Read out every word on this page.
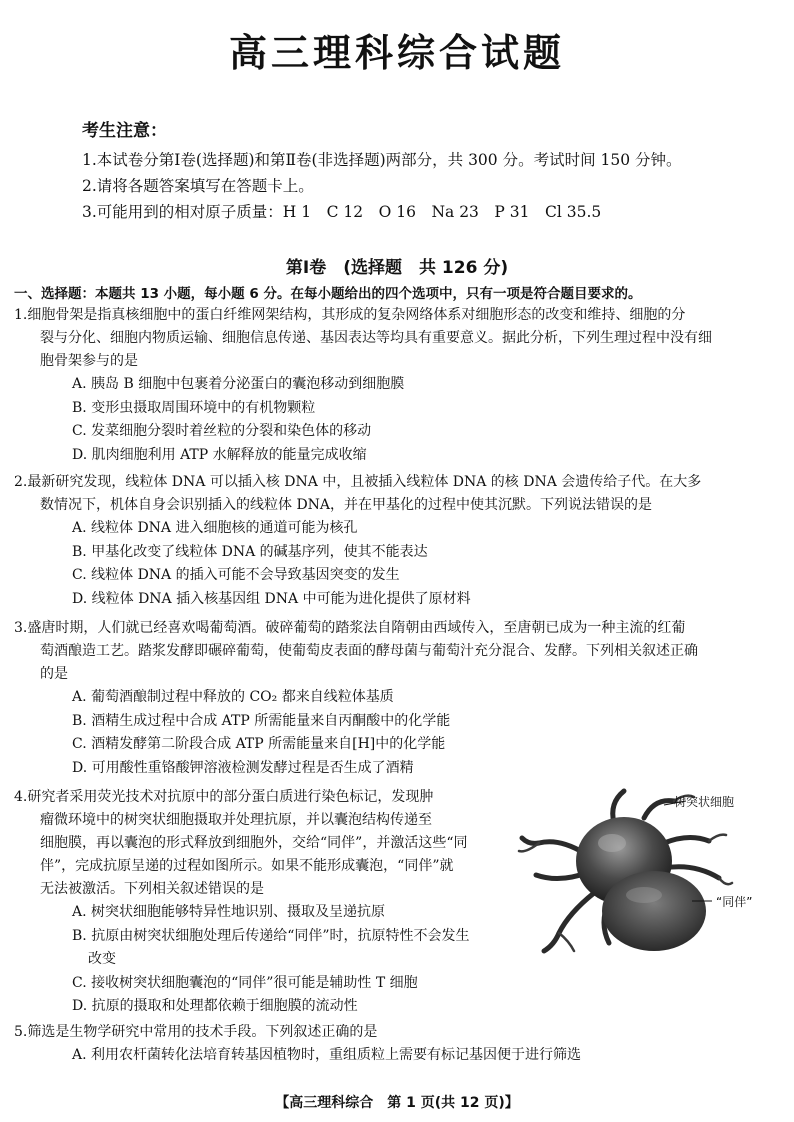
高三理科综合试题
考生注意：
1.本试卷分第Ⅰ卷(选择题)和第Ⅱ卷(非选择题)两部分，共 300 分。考试时间 150 分钟。
2.请将各题答案填写在答题卡上。
3.可能用到的相对原子质量：H 1　C 12　O 16　Na 23　P 31　Cl 35.5
第Ⅰ卷　(选择题　共 126 分)
一、选择题：本题共 13 小题，每小题 6 分。在每小题给出的四个选项中，只有一项是符合题目要求的。
1.细胞骨架是指真核细胞中的蛋白纤维网架结构，其形成的复杂网络体系对细胞形态的改变和维持、细胞的分
裂与分化、细胞内物质运输、细胞信息传递、基因表达等均具有重要意义。据此分析，下列生理过程中没有细
胞骨架参与的是
A. 胰岛 B 细胞中包裹着分泌蛋白的囊泡移动到细胞膜
B. 变形虫摄取周围环境中的有机物颗粒
C. 发菜细胞分裂时着丝粒的分裂和染色体的移动
D. 肌肉细胞利用 ATP 水解释放的能量完成收缩
2.最新研究发现，线粒体 DNA 可以插入核 DNA 中，且被插入线粒体 DNA 的核 DNA 会遗传给子代。在大多
数情况下，机体自身会识别插入的线粒体 DNA，并在甲基化的过程中使其沉默。下列说法错误的是
A. 线粒体 DNA 进入细胞核的通道可能为核孔
B. 甲基化改变了线粒体 DNA 的碱基序列，使其不能表达
C. 线粒体 DNA 的插入可能不会导致基因突变的发生
D. 线粒体 DNA 插入核基因组 DNA 中可能为进化提供了原材料
3.盛唐时期，人们就已经喜欢喝葡萄酒。破碎葡萄的踏浆法自隋朝由西域传入，至唐朝已成为一种主流的红葡
萄酒酿造工艺。踏浆发酵即碾碎葡萄，使葡萄皮表面的酵母菌与葡萄汁充分混合、发酵。下列相关叙述正确
的是
A. 葡萄酒酿制过程中释放的 CO₂ 都来自线粒体基质
B. 酒精生成过程中合成 ATP 所需能量来自丙酮酸中的化学能
C. 酒精发酵第二阶段合成 ATP 所需能量来自[H]中的化学能
D. 可用酸性重铬酸钾溶液检测发酵过程是否生成了酒精
4.研究者采用荧光技术对抗原中的部分蛋白质进行染色标记，发现肿
瘤微环境中的树突状细胞摄取并处理抗原，并以囊泡结构传递至
细胞膜，再以囊泡的形式释放到细胞外，交给“同伴”，并激活这些“同
伴”，完成抗原呈递的过程如图所示。如果不能形成囊泡，“同伴”就
无法被激活。下列相关叙述错误的是
A. 树突状细胞能够特异性地识别、摄取及呈递抗原
B. 抗原由树突状细胞处理后传递给“同伴”时，抗原特性不会发生
改变
C. 接收树突状细胞囊泡的“同伴”很可能是辅助性 T 细胞
D. 抗原的摄取和处理都依赖于细胞膜的流动性
树突状细胞
“同伴”
5.筛选是生物学研究中常用的技术手段。下列叙述正确的是
A. 利用农杆菌转化法培育转基因植物时，重组质粒上需要有标记基因便于进行筛选
【高三理科综合　第 1 页(共 12 页)】
